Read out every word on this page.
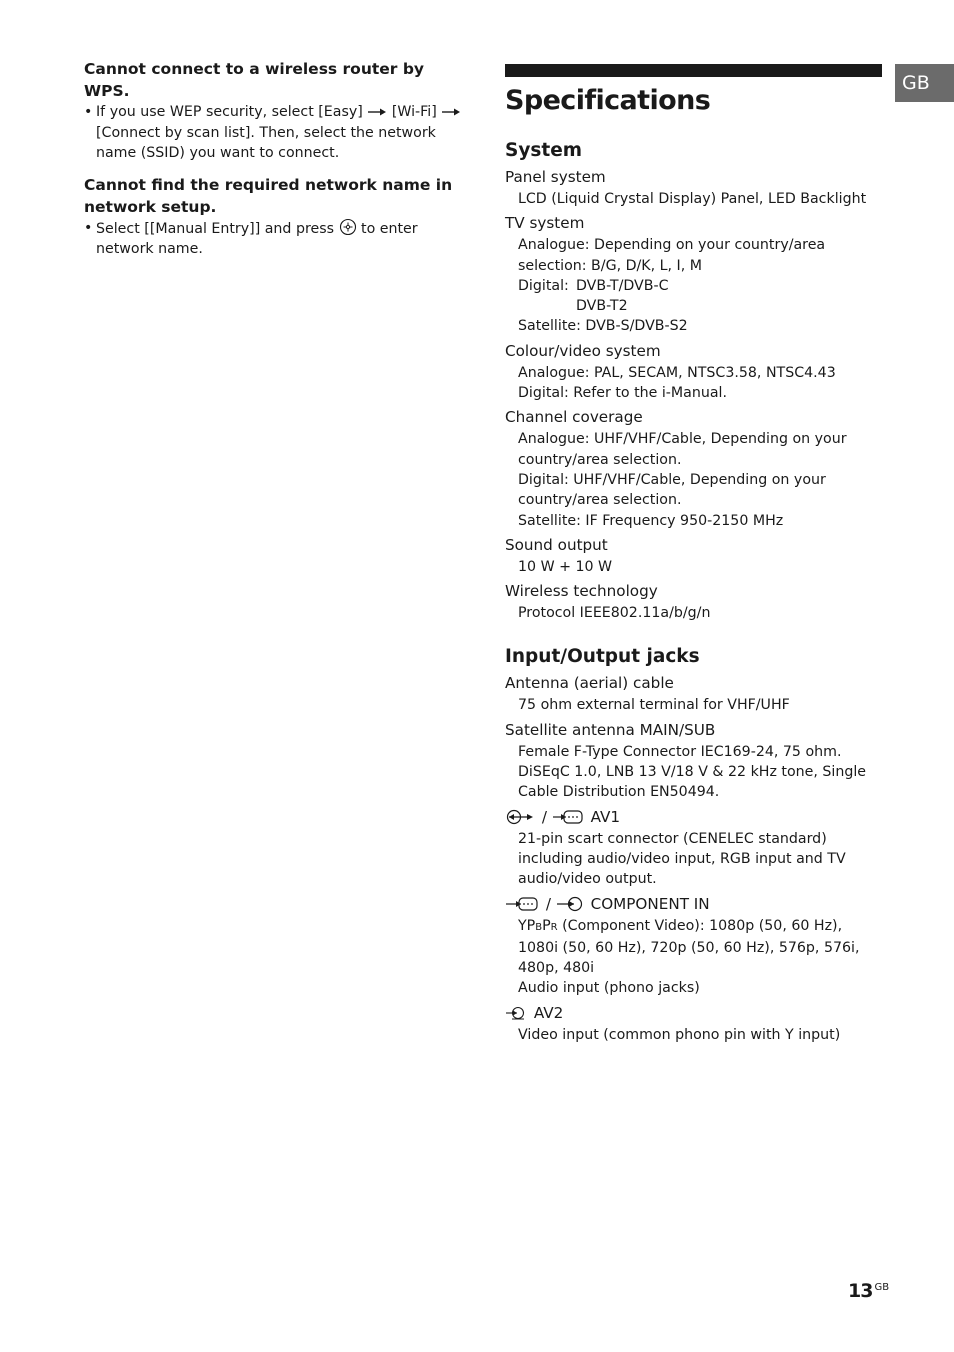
Cannot connect to a wireless router by WPS.

• If you use WEP security, select [Easy] [Wi-Fi]  [Connect by scan list]. Then, select the network name (SSID) you want to connect.

Cannot find the required network name in network setup.

• Select [[Manual Entry]] and press to enter network name.
Specifications
System
Panel system
LCD (Liquid Crystal Display) Panel, LED Backlight
TV system
Analogue: Depending on your country/area selection: B/G, D/K, L, I, M
Digital: DVB-T/DVB-C
DVB-T2
Satellite: DVB-S/DVB-S2
Colour/video system
Analogue: PAL, SECAM, NTSC3.58, NTSC4.43
Digital: Refer to the i-Manual.
Channel coverage
Analogue: UHF/VHF/Cable, Depending on your country/area selection.
Digital: UHF/VHF/Cable, Depending on your country/area selection.
Satellite: IF Frequency 950-2150 MHz
Sound output
10 W + 10 W
Wireless technology
Protocol IEEE802.11a/b/g/n
Input/Output jacks
Antenna (aerial) cable
75 ohm external terminal for VHF/UHF
Satellite antenna MAIN/SUB
Female F-Type Connector IEC169-24, 75 ohm.
DiSEqC 1.0, LNB 13 V/18 V & 22 kHz tone, Single Cable Distribution EN50494.
/	AV1
21-pin scart connector (CENELEC standard) including audio/video input, RGB input and TV audio/video output.
/	COMPONENT IN
YPBPR (Component Video): 1080p (50, 60 Hz), 1080i (50, 60 Hz), 720p (50, 60 Hz), 576p, 576i, 480p, 480i
Audio input (phono jacks)
AV2
Video input (common phono pin with Y input)
GB
13 $^{GB}$
